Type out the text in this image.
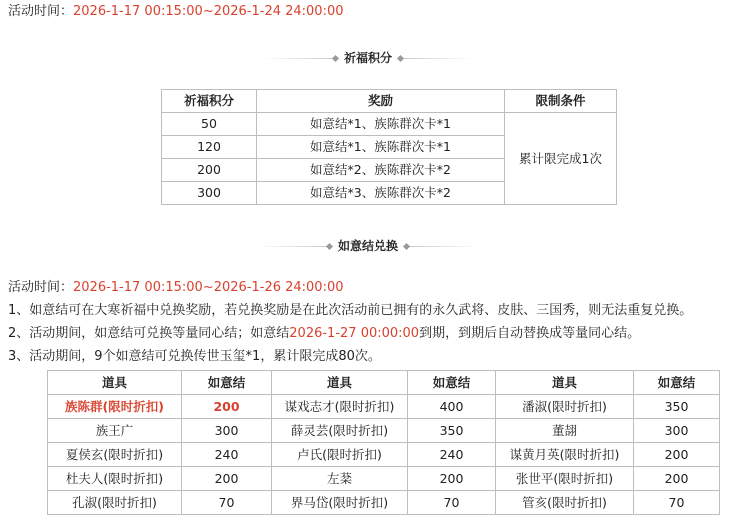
活动时间：2026-1-17 00:15:00~2026-1-24 24:00:00
祈福积分
祈福积分	奖励	限制条件
50	如意结*1、族陈群次卡*1	累计限完成1次
120	如意结*1、族陈群次卡*1	
200	如意结*2、族陈群次卡*2	
300	如意结*3、族陈群次卡*2	
如意结兑换
活动时间：2026-1-17 00:15:00~2026-1-26 24:00:00
1、如意结可在大寒祈福中兑换奖励，若兑换奖励是在此次活动前已拥有的永久武将、皮肤、三国秀，则无法重复兑换。
2、活动期间，如意结可兑换等量同心结；如意结2026-1-27 00:00:00到期，到期后自动替换成等量同心结。
3、活动期间，9个如意结可兑换传世玉玺*1，累计限完成80次。
道具	如意结	道具	如意结	道具	如意结
族陈群(限时折扣)	200	谋戏志才(限时折扣)	400	潘淑(限时折扣)	350
族王广	300	薛灵芸(限时折扣)	350	董翓	300
夏侯玄(限时折扣)	240	卢氏(限时折扣)	240	谋黄月英(限时折扣)	200
杜夫人(限时折扣)	200	左棻	200	张世平(限时折扣)	200
孔淑(限时折扣)	70	界马岱(限时折扣)	70	管亥(限时折扣)	70
